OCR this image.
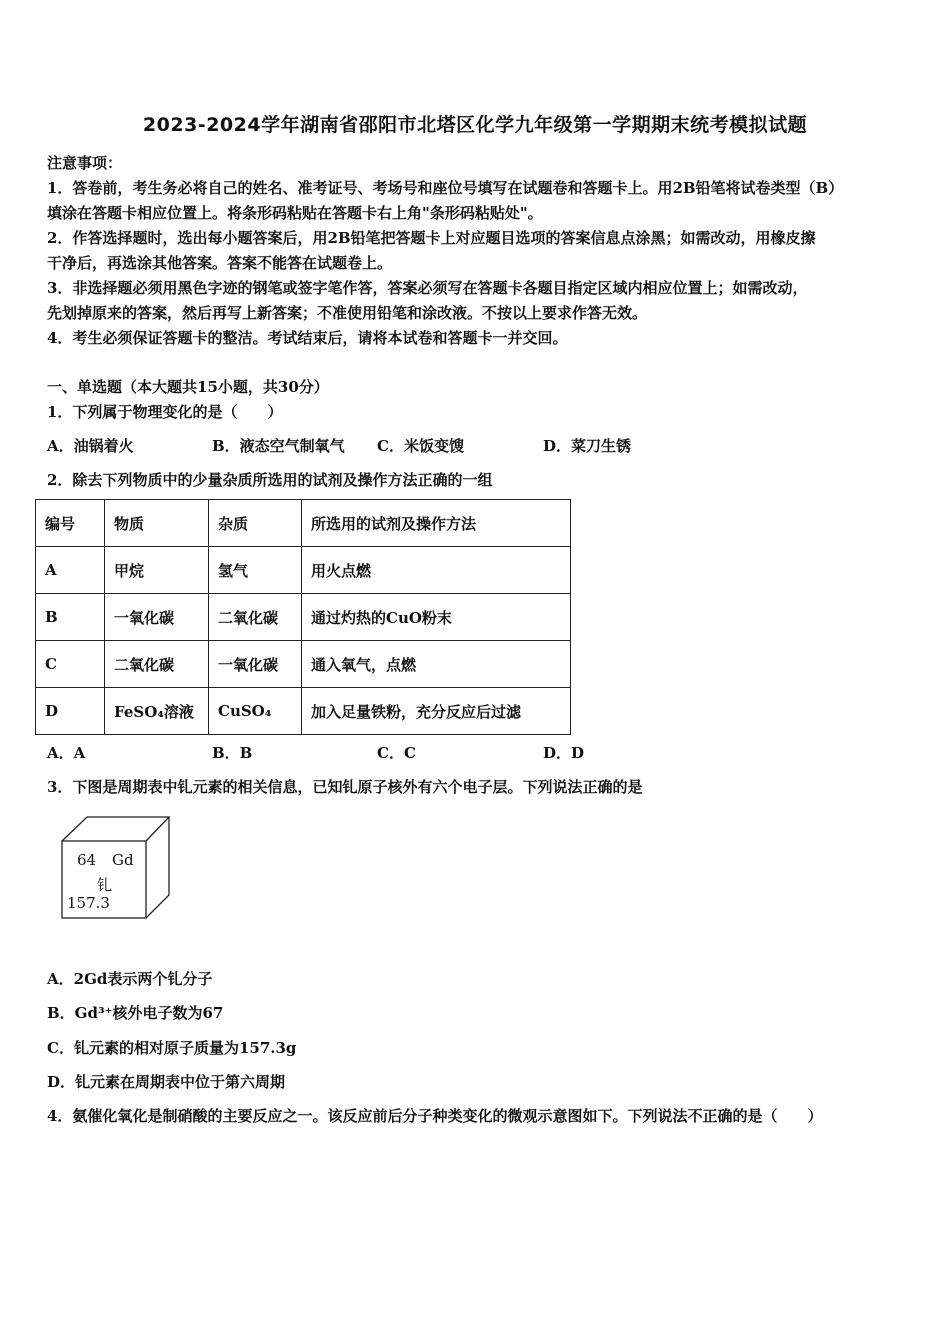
2023-2024学年湖南省邵阳市北塔区化学九年级第一学期期末统考模拟试题
注意事项：
1．答卷前，考生务必将自己的姓名、准考证号、考场号和座位号填写在试题卷和答题卡上。用2B铅笔将试卷类型（B）
填涂在答题卡相应位置上。将条形码粘贴在答题卡右上角"条形码粘贴处"。
2．作答选择题时，选出每小题答案后，用2B铅笔把答题卡上对应题目选项的答案信息点涂黑；如需改动，用橡皮擦
干净后，再选涂其他答案。答案不能答在试题卷上。
3．非选择题必须用黑色字迹的钢笔或签字笔作答，答案必须写在答题卡各题目指定区域内相应位置上；如需改动，
先划掉原来的答案，然后再写上新答案；不准使用铅笔和涂改液。不按以上要求作答无效。
4．考生必须保证答题卡的整洁。考试结束后，请将本试卷和答题卡一并交回。
一、单选题（本大题共15小题，共30分）
1．下列属于物理变化的是（　　）
A．油锅着火	B．液态空气制氧气 C．米饭变馊	D．菜刀生锈
2．除去下列物质中的少量杂质所选用的试剂及操作方法正确的一组
编号	物质	杂质	所选用的试剂及操作方法
A	甲烷	氢气	用火点燃
B	一氧化碳	二氧化碳	通过灼热的CuO粉末
C	二氧化碳	一氧化碳	通入氧气，点燃
D	FeSO₄溶液	CuSO₄	加入足量铁粉，充分反应后过滤
A．A	B．B	C．C	D．D
3．下图是周期表中钆元素的相关信息，已知钆原子核外有六个电子层。下列说法正确的是
64 Gd
钆
157.3
A．2Gd表示两个钆分子
B．Gd³⁺核外电子数为67
C．钆元素的相对原子质量为157.3g
D．钆元素在周期表中位于第六周期
4．氨催化氧化是制硝酸的主要反应之一。该反应前后分子种类变化的微观示意图如下。下列说法不正确的是（　　）
